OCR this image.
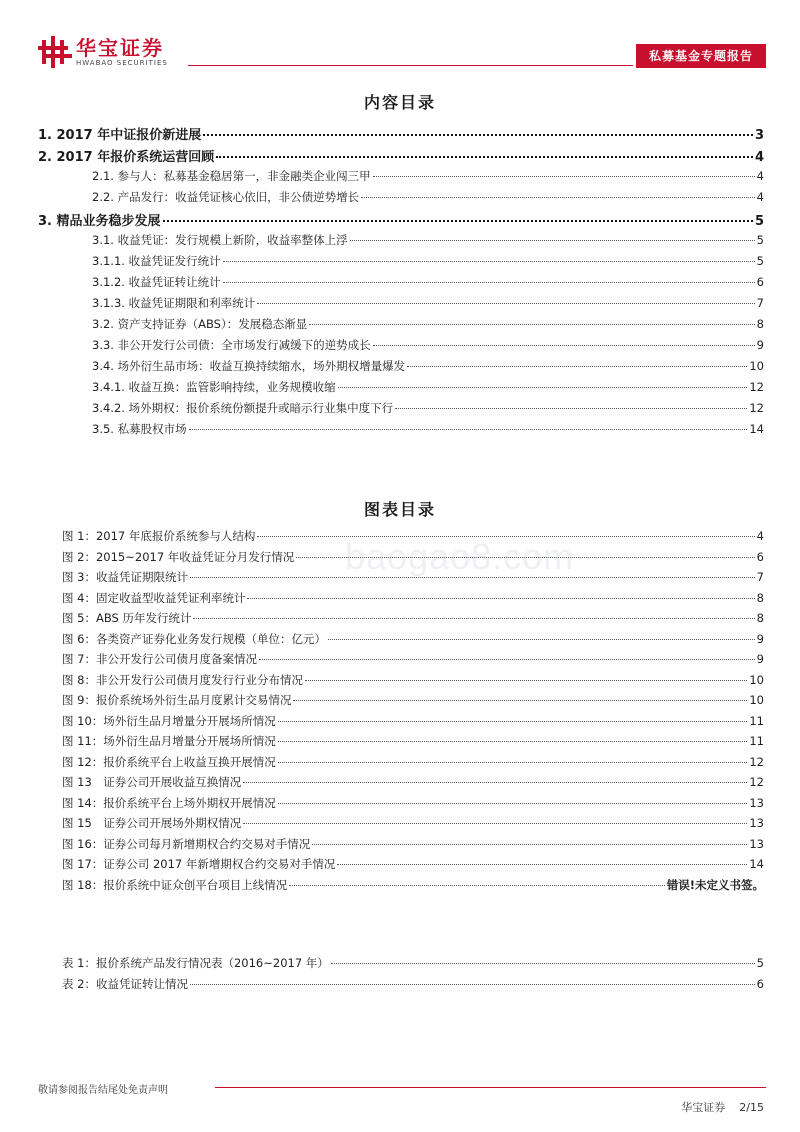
华宝证券
HWABAO SECURITIES	私募基金专题报告
内容目录
1. 2017 年中证报价新进展	3
2. 2017 年报价系统运营回顾	4
2.1. 参与人：私募基金稳居第一，非金融类企业闯三甲	4
2.2. 产品发行：收益凭证核心依旧，非公债逆势增长	4
3. 精品业务稳步发展	5
3.1. 收益凭证：发行规模上新阶，收益率整体上浮	5
3.1.1. 收益凭证发行统计	5
3.1.2. 收益凭证转让统计	6
3.1.3. 收益凭证期限和利率统计	7
3.2. 资产支持证券（ABS）：发展稳态渐显	8
3.3. 非公开发行公司债：全市场发行减缓下的逆势成长	9
3.4. 场外衍生品市场：收益互换持续缩水，场外期权增量爆发	10
3.4.1. 收益互换：监管影响持续，业务规模收缩	12
3.4.2. 场外期权：报价系统份额提升或暗示行业集中度下行	12
3.5. 私募股权市场	14
图表目录
图 1：2017 年底报价系统参与人结构	4
图 2：2015~2017 年收益凭证分月发行情况	6
图 3：收益凭证期限统计	7
图 4：固定收益型收益凭证利率统计	8
图 5：ABS 历年发行统计	8
图 6：各类资产证券化业务发行规模（单位：亿元）	9
图 7：非公开发行公司债月度备案情况	9
图 8：非公开发行公司债月度发行行业分布情况	10
图 9：报价系统场外衍生品月度累计交易情况	10
图 10：场外衍生品月增量分开展场所情况	11
图 11：场外衍生品月增量分开展场所情况	11
图 12：报价系统平台上收益互换开展情况	12
图 13　证券公司开展收益互换情况	12
图 14：报价系统平台上场外期权开展情况	13
图 15　证券公司开展场外期权情况	13
图 16：证券公司每月新增期权合约交易对手情况	13
图 17：证券公司 2017 年新增期权合约交易对手情况	14
图 18：报价系统中证众创平台项目上线情况	错误!未定义书签。
表 1：报价系统产品发行情况表（2016~2017 年）	5
表 2：收益凭证转让情况	6
baogao8.com
敬请参阅报告结尾处免责声明
华宝证券 2/15
